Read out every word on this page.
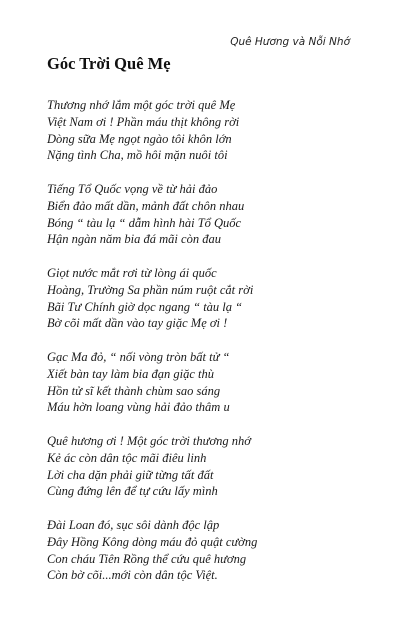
Quê Hương và Nỗi Nhớ
Góc Trời Quê Mẹ
Thương nhớ lắm một góc trời quê Mẹ
Việt Nam ơi ! Phần máu thịt không rời
Dòng sữa Mẹ ngọt ngào tôi khôn lớn
Nặng tình Cha, mồ hôi mặn nuôi tôi
Tiếng Tổ Quốc vọng về từ hải đảo
Biển đảo mất dần, mảnh đất chôn nhau
Bóng “ tàu lạ “ dẫm hình hài Tổ Quốc
Hận ngàn năm bia đá mãi còn đau
Giọt nước mắt rơi từ lòng ái quốc
Hoàng, Trường Sa phần núm ruột cắt rời
Bãi Tư Chính giờ dọc ngang “ tàu lạ “
Bờ cõi mất dần vào tay giặc Mẹ ơi !
Gạc Ma đỏ, “ nối vòng tròn bất tử “
Xiết bàn tay làm bia đạn giặc thù
Hồn tử sĩ kết thành chùm sao sáng
Máu hờn loang vùng hải đảo thâm u
Quê hương ơi ! Một góc trời thương nhớ
Kẻ ác còn dân tộc mãi điêu linh
Lời cha dặn phải giữ từng tất đất
Cùng đứng lên để tự cứu lấy mình
Đài Loan đó, sục sôi dành độc lập
Đây Hồng Kông dòng máu đỏ quật cường
Con cháu Tiên Rồng thể cứu quê hương
Còn bờ cõi...mới còn dân tộc Việt.
